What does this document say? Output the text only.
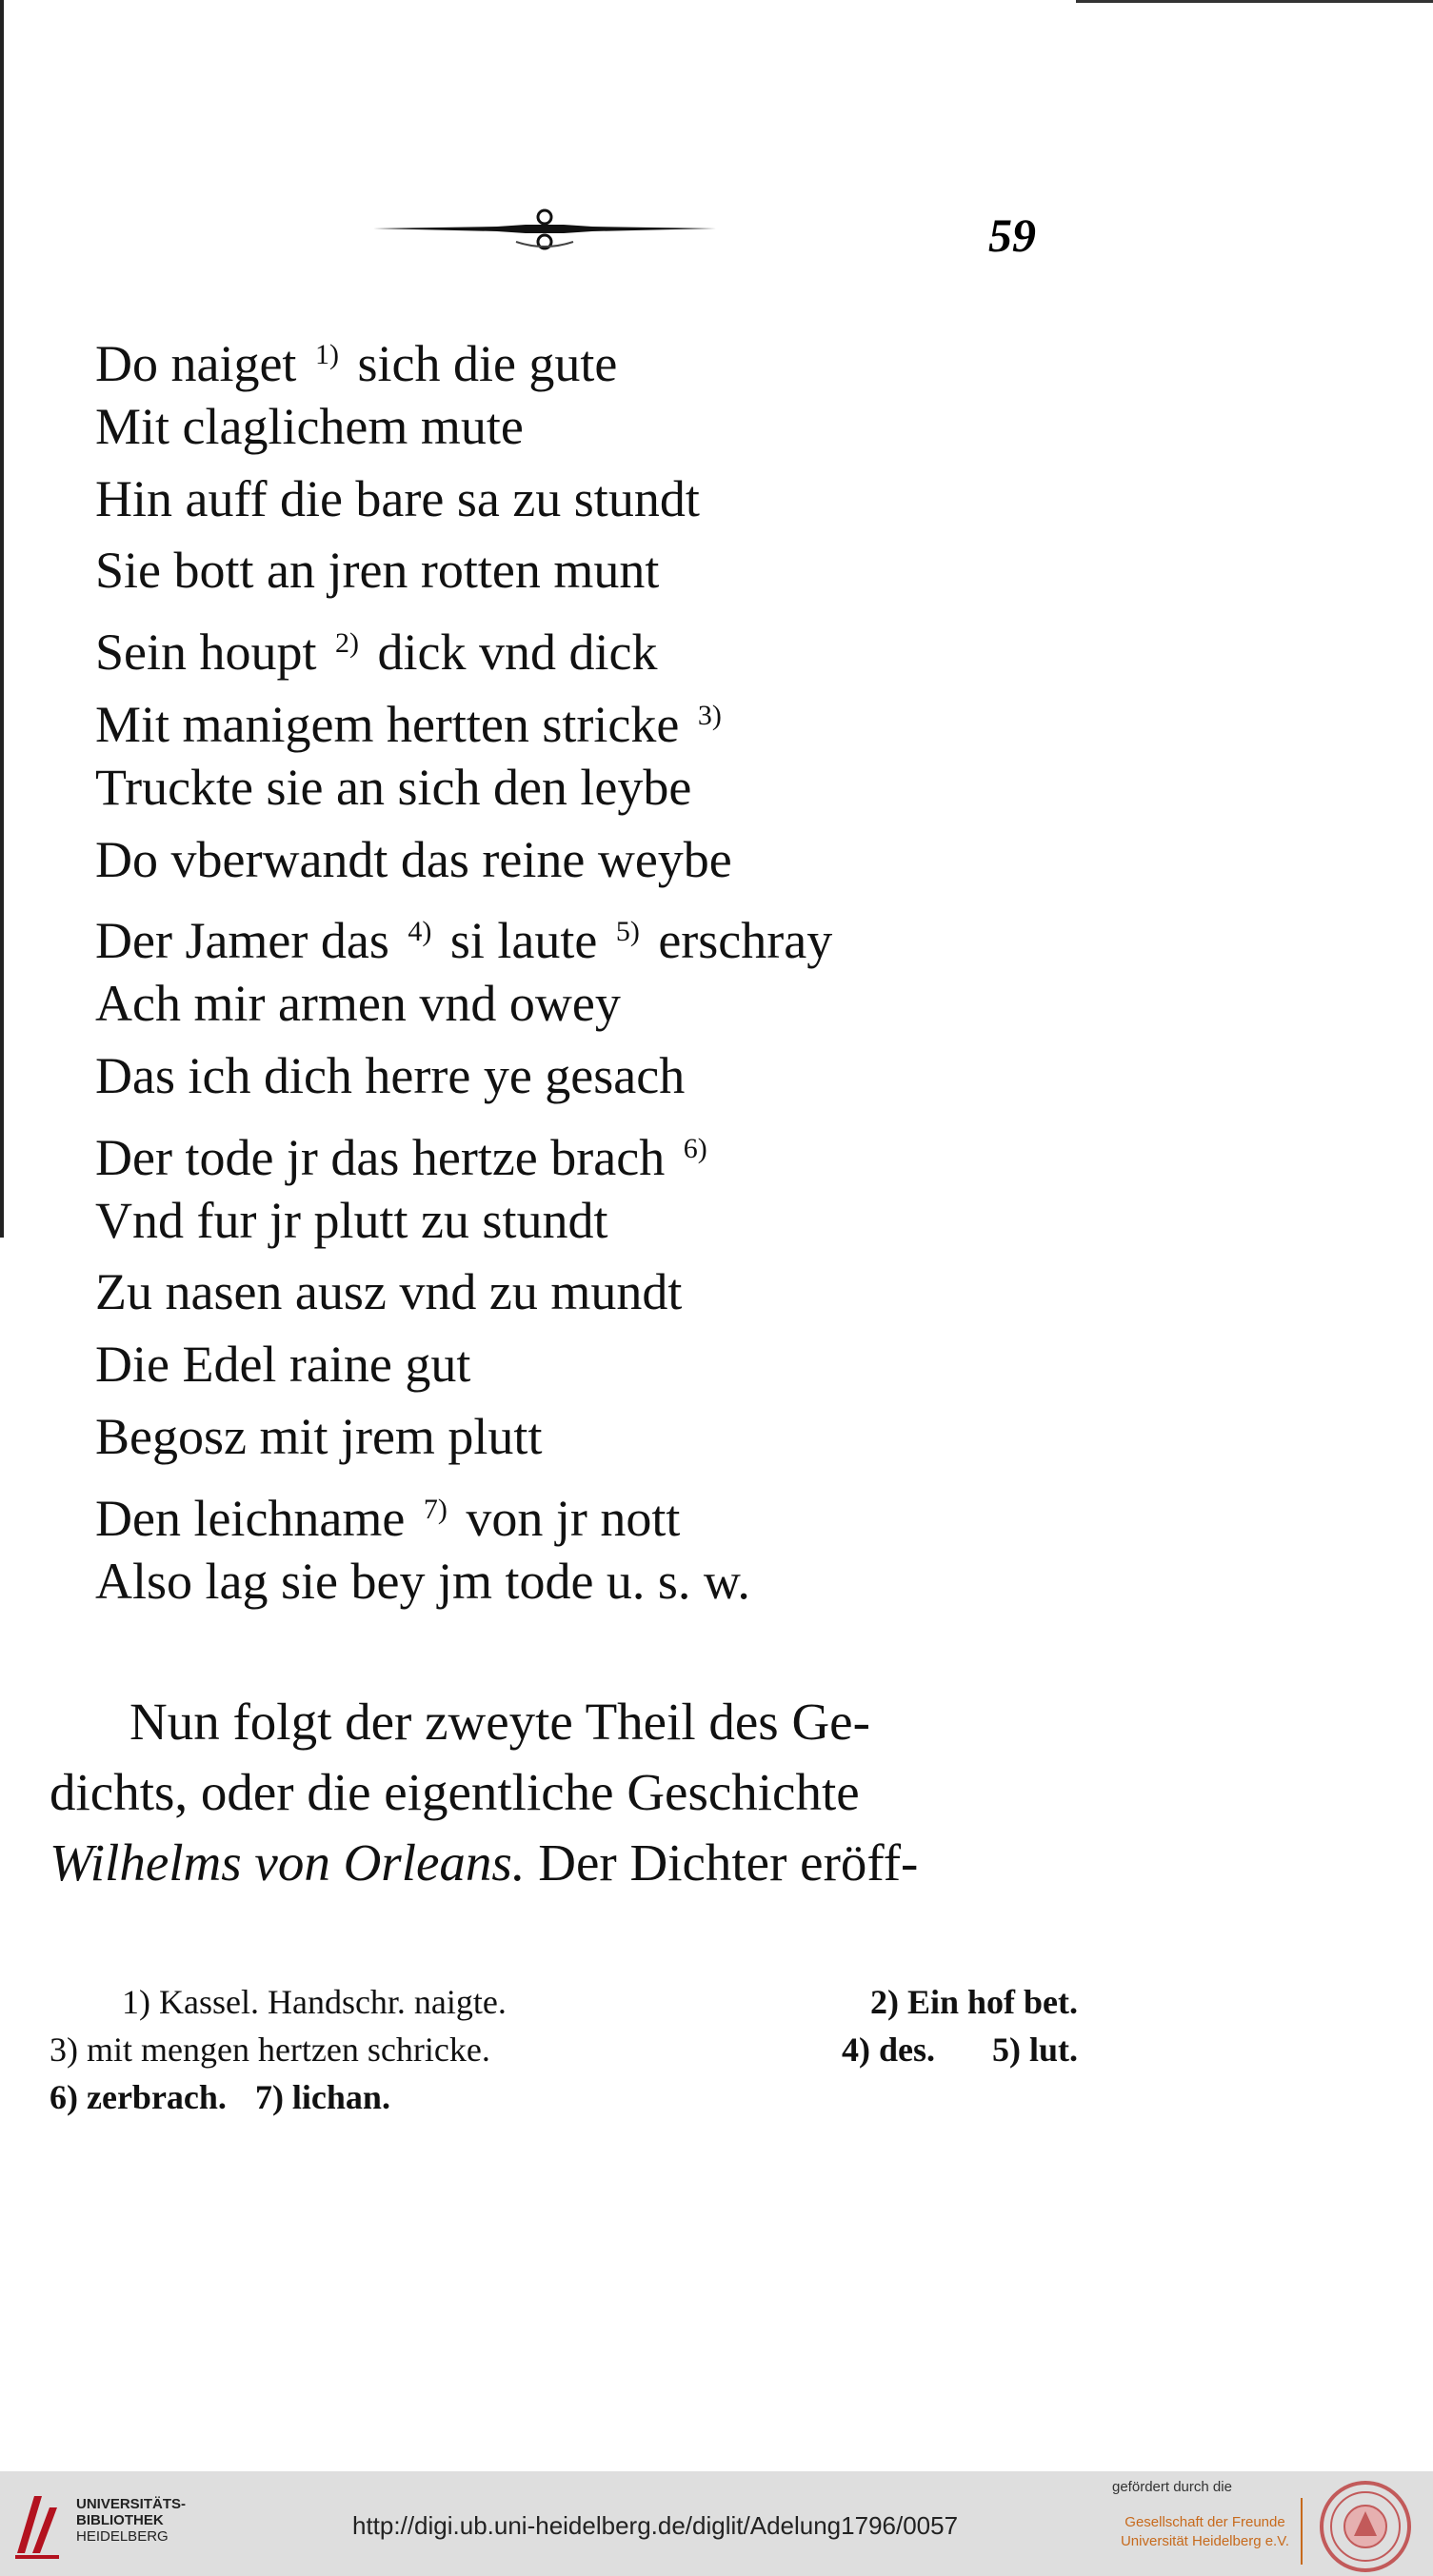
59
Do naiget $^{1)}$ sich die gute
Mit claglichem mute
Hin auff die bare sa zu stundt
Sie bott an jren rotten munt
Sein houpt $^{2)}$ dick vnd dick
Mit manigem hertten stricke $^{3)}$
Truckte sie an sich den leybe
Do vberwandt das reine weybe
Der Jamer das $^{4)}$ si laute $^{5)}$ erschray
Ach mir armen vnd owey
Das ich dich herre ye gesach
Der tode jr das hertze brach $^{6)}$
Vnd fur jr plutt zu stundt
Zu nasen ausz vnd zu mundt
Die Edel raine gut
Begosz mit jrem plutt
Den leichname $^{7)}$ von jr nott
Also lag sie bey jm tode u. s. w.
Nun folgt der zweyte Theil des Ge-
dichts, oder die eigentliche Geschichte
Wilhelms von Orleans. Der Dichter eröff-
1) Kassel. Handschr. naigte.	2) Ein hof bet.
3) mit mengen hertzen schricke.	4) des. 5) lut.
6) zerbrach. 7) lichan.
UNIVERSITÄTS-
BIBLIOTHEK
HEIDELBERG	http://digi.ub.uni-heidelberg.de/diglit/Adelung1796/0057
gefördert durch die
Gesellschaft der Freunde
Universität Heidelberg e.V.
